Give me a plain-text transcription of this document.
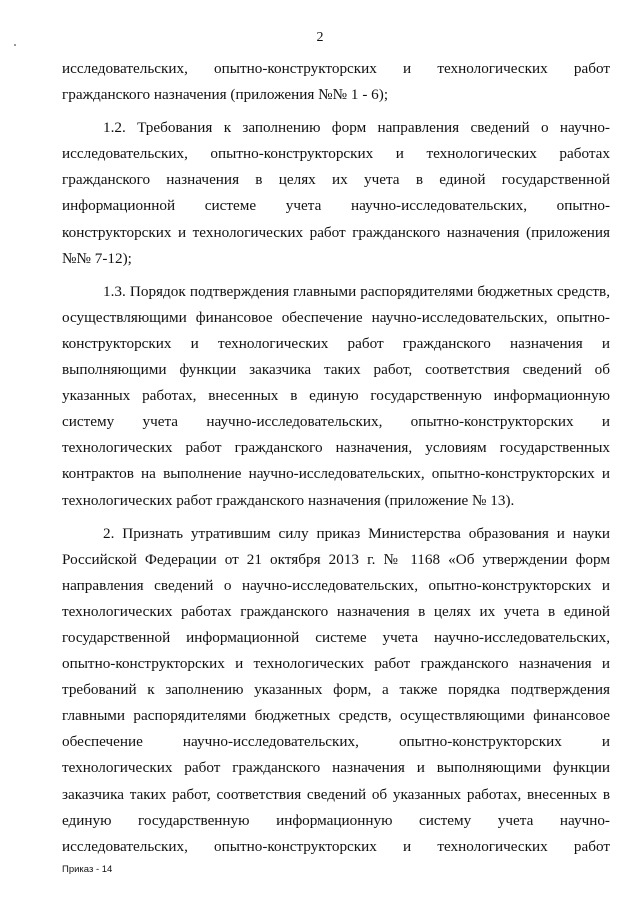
2

исследовательских, опытно-конструкторских и технологических работ гражданского назначения (приложения №№ 1 - 6);

1.2. Требования к заполнению форм направления сведений о научно-исследовательских, опытно-конструкторских и технологических работах гражданского назначения в целях их учета в единой государственной информационной системе учета научно-исследовательских, опытно-конструкторских и технологических работ гражданского назначения (приложения №№ 7-12);

1.3. Порядок подтверждения главными распорядителями бюджетных средств, осуществляющими финансовое обеспечение научно-исследовательских, опытно-конструкторских и технологических работ гражданского назначения и выполняющими функции заказчика таких работ, соответствия сведений об указанных работах, внесенных в единую государственную информационную систему учета научно-исследовательских, опытно-конструкторских и технологических работ гражданского назначения, условиям государственных контрактов на выполнение научно-исследовательских, опытно-конструкторских и технологических работ гражданского назначения (приложение № 13).

2. Признать утратившим силу приказ Министерства образования и науки Российской Федерации от 21 октября 2013 г. № 1168 «Об утверждении форм направления сведений о научно-исследовательских, опытно-конструкторских и технологических работах гражданского назначения в целях их учета в единой государственной информационной системе учета научно-исследовательских, опытно-конструкторских и технологических работ гражданского назначения и требований к заполнению указанных форм, а также порядка подтверждения главными распорядителями бюджетных средств, осуществляющими финансовое обеспечение научно-исследовательских, опытно-конструкторских и технологических работ гражданского назначения и выполняющими функции заказчика таких работ, соответствия сведений об указанных работах, внесенных в единую государственную информационную систему учета научно-исследовательских, опытно-конструкторских и технологических работ

Приказ - 14
